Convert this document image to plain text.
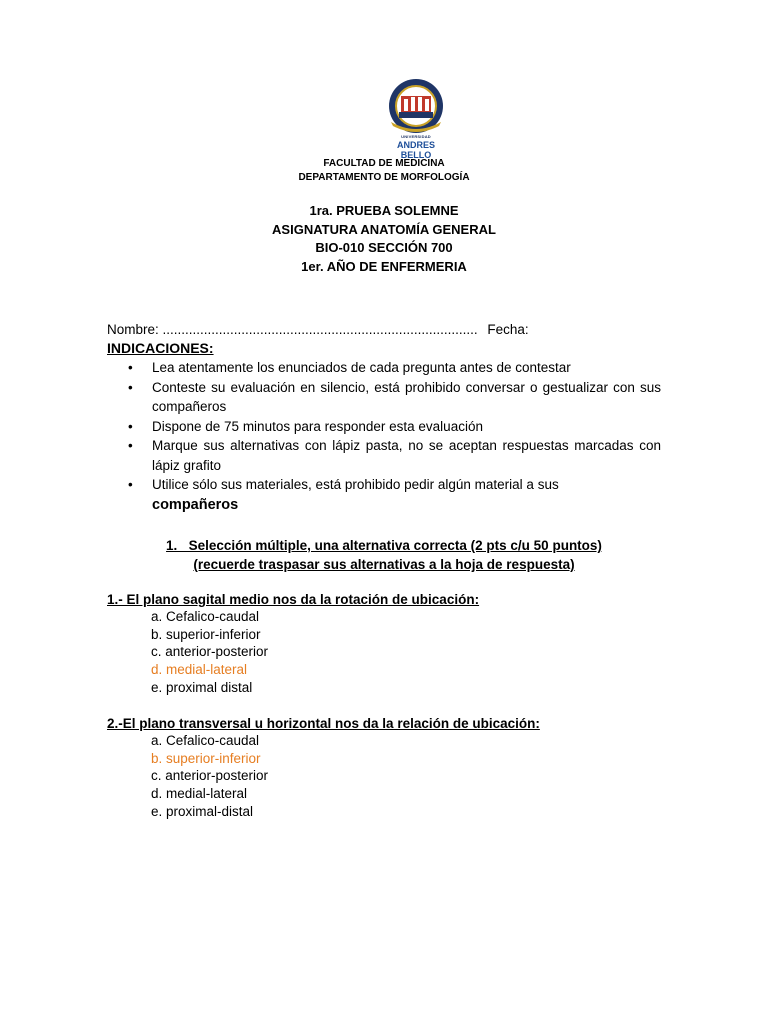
UNIVERSIDAD
ANDRES BELLO
FACULTAD DE MEDICINA
DEPARTAMENTO DE MORFOLOGÍA
1ra. PRUEBA SOLEMNE
ASIGNATURA ANATOMÍA GENERAL
BIO-010 SECCIÓN 700
1er. AÑO DE ENFERMERIA
Nombre: .................................................................................... Fecha:
INDICACIONES:
• Lea atentamente los enunciados de cada pregunta antes de contestar
• Conteste su evaluación en silencio, está prohibido conversar o gestualizar con sus compañeros
• Dispone de 75 minutos para responder esta evaluación
• Marque sus alternativas con lápiz pasta, no se aceptan respuestas marcadas con lápiz grafito
• Utilice sólo sus materiales, está prohibido pedir algún material a sus
compañeros
1._ Selección múltiple, una alternativa correcta (2 pts c/u 50 puntos)
(recuerde traspasar sus alternativas a la hoja de respuesta)
1.- El plano sagital medio nos da la rotación de ubicación:
a. Cefalico-caudal
b. superior-inferior
c. anterior-posterior
d. medial-lateral
e. proximal distal
2.-El plano transversal u horizontal nos da la relación de ubicación:
a. Cefalico-caudal
b. superior-inferior
c. anterior-posterior
d. medial-lateral
e. proximal-distal
